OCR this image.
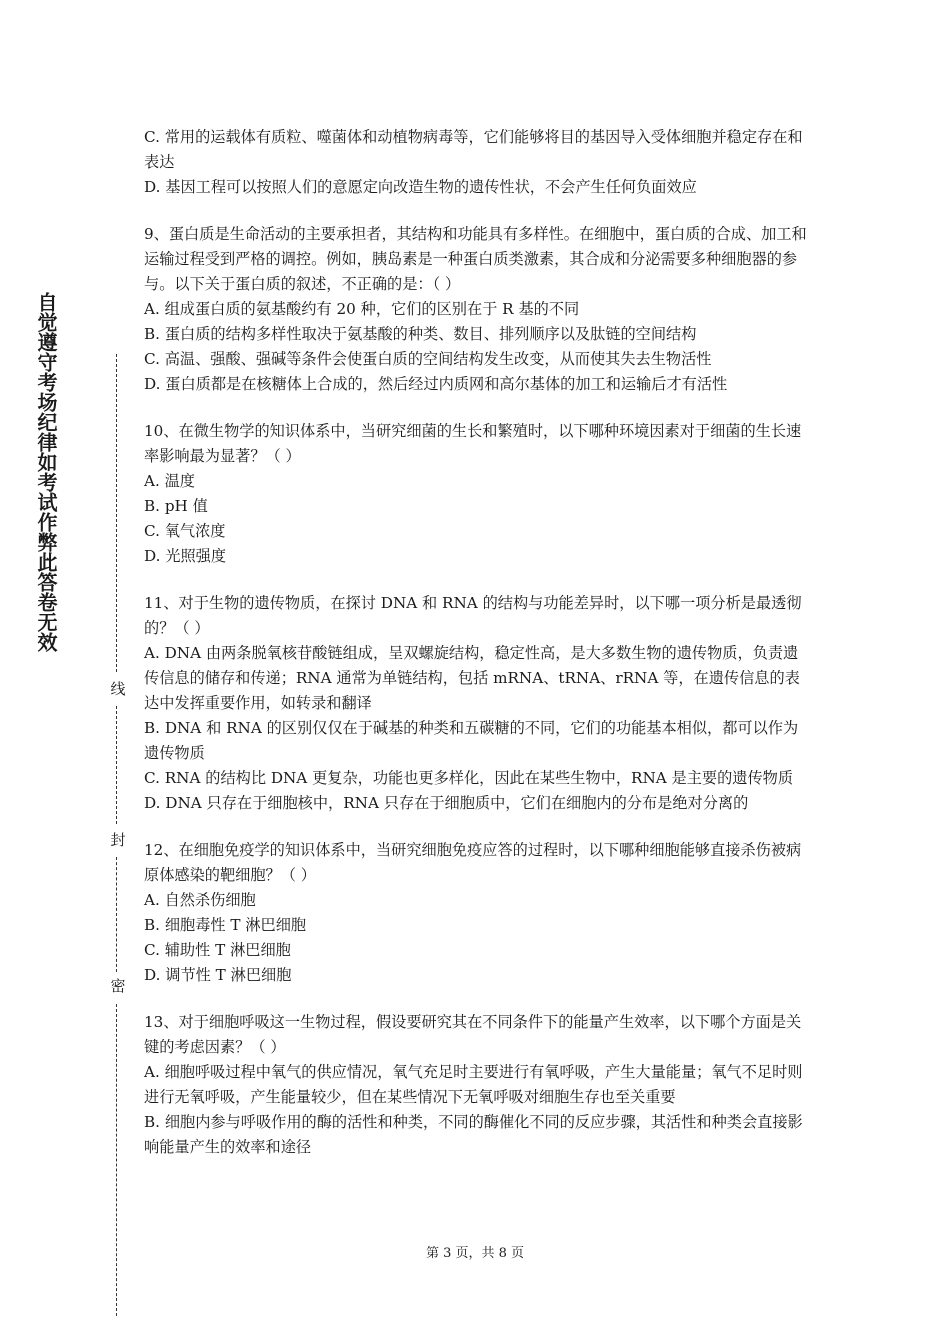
自觉遵守考场纪律如考试作弊此答卷无效
线
封
密

C. 常用的运载体有质粒、噬菌体和动植物病毒等，它们能够将目的基因导入受体细胞并稳定存在和表达

D. 基因工程可以按照人们的意愿定向改造生物的遗传性状，不会产生任何负面效应

9、蛋白质是生命活动的主要承担者，其结构和功能具有多样性。在细胞中，蛋白质的合成、加工和运输过程受到严格的调控。例如，胰岛素是一种蛋白质类激素，其合成和分泌需要多种细胞器的参与。以下关于蛋白质的叙述，不正确的是：（ ）

A. 组成蛋白质的氨基酸约有 20 种，它们的区别在于 R 基的不同

B. 蛋白质的结构多样性取决于氨基酸的种类、数目、排列顺序以及肽链的空间结构

C. 高温、强酸、强碱等条件会使蛋白质的空间结构发生改变，从而使其失去生物活性

D. 蛋白质都是在核糖体上合成的，然后经过内质网和高尔基体的加工和运输后才有活性

10、在微生物学的知识体系中，当研究细菌的生长和繁殖时，以下哪种环境因素对于细菌的生长速率影响最为显著？（ ）

A. 温度

B. pH 值

C. 氧气浓度

D. 光照强度

11、对于生物的遗传物质，在探讨 DNA 和 RNA 的结构与功能差异时，以下哪一项分析是最透彻的？（ ）

A. DNA 由两条脱氧核苷酸链组成，呈双螺旋结构，稳定性高，是大多数生物的遗传物质，负责遗传信息的储存和传递；RNA 通常为单链结构，包括 mRNA、tRNA、rRNA 等，在遗传信息的表达中发挥重要作用，如转录和翻译

B. DNA 和 RNA 的区别仅仅在于碱基的种类和五碳糖的不同，它们的功能基本相似，都可以作为遗传物质

C. RNA 的结构比 DNA 更复杂，功能也更多样化，因此在某些生物中，RNA 是主要的遗传物质

D. DNA 只存在于细胞核中，RNA 只存在于细胞质中，它们在细胞内的分布是绝对分离的

12、在细胞免疫学的知识体系中，当研究细胞免疫应答的过程时，以下哪种细胞能够直接杀伤被病原体感染的靶细胞？（ ）

A. 自然杀伤细胞

B. 细胞毒性 T 淋巴细胞

C. 辅助性 T 淋巴细胞

D. 调节性 T 淋巴细胞

13、对于细胞呼吸这一生物过程，假设要研究其在不同条件下的能量产生效率，以下哪个方面是关键的考虑因素？（ ）

A. 细胞呼吸过程中氧气的供应情况，氧气充足时主要进行有氧呼吸，产生大量能量；氧气不足时则进行无氧呼吸，产生能量较少，但在某些情况下无氧呼吸对细胞生存也至关重要

B. 细胞内参与呼吸作用的酶的活性和种类，不同的酶催化不同的反应步骤，其活性和种类会直接影响能量产生的效率和途径

第 3 页，共 8 页
